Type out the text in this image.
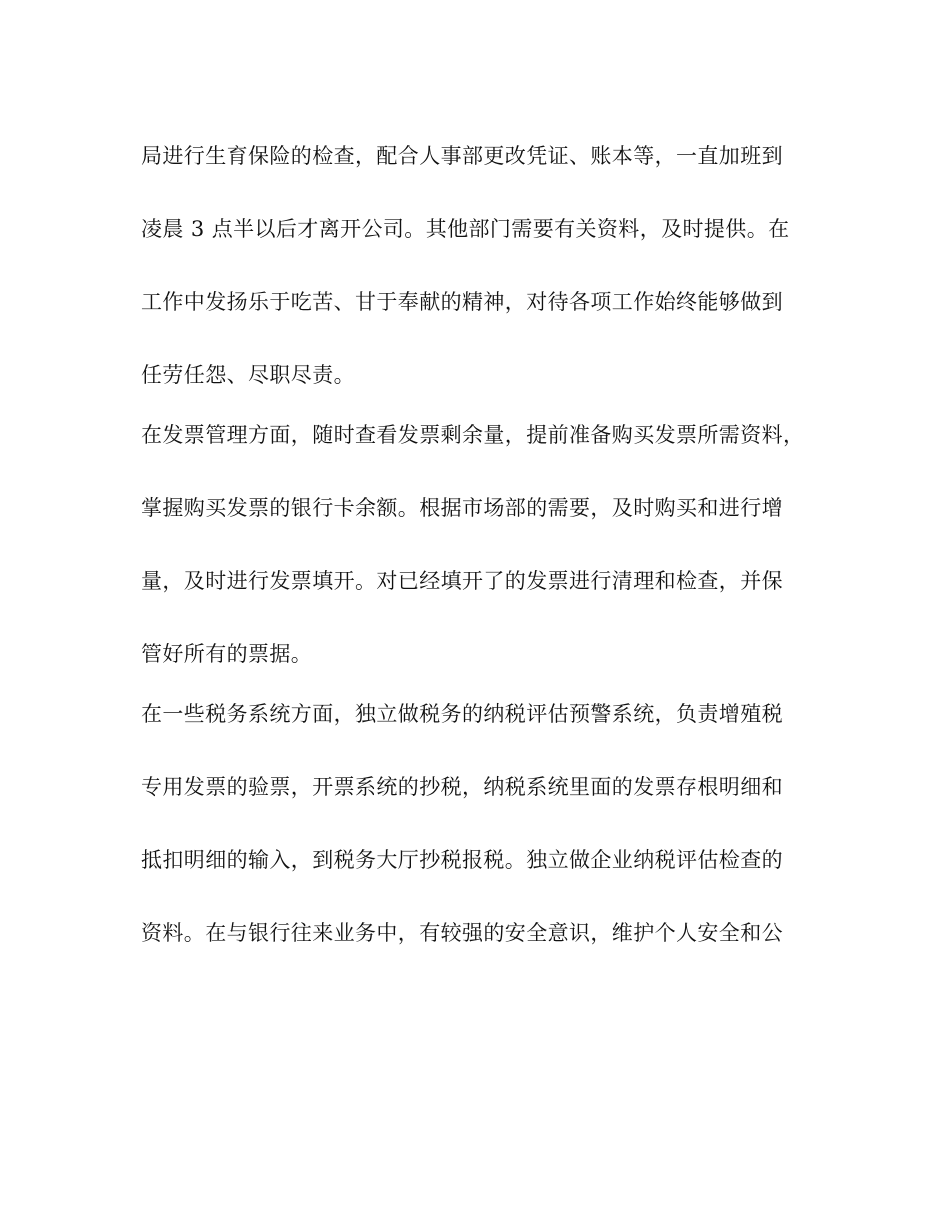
局进行生育保险的检查，配合人事部更改凭证、账本等，一直加班到
凌晨 3 点半以后才离开公司。其他部门需要有关资料，及时提供。在
工作中发扬乐于吃苦、甘于奉献的精神，对待各项工作始终能够做到
任劳任怨、尽职尽责。
在发票管理方面，随时查看发票剩余量，提前准备购买发票所需资料，
掌握购买发票的银行卡余额。根据市场部的需要，及时购买和进行增
量，及时进行发票填开。对已经填开了的发票进行清理和检查，并保
管好所有的票据。
在一些税务系统方面，独立做税务的纳税评估预警系统，负责增殖税
专用发票的验票，开票系统的抄税，纳税系统里面的发票存根明细和
抵扣明细的输入，到税务大厅抄税报税。独立做企业纳税评估检查的
资料。在与银行往来业务中，有较强的安全意识，维护个人安全和公
